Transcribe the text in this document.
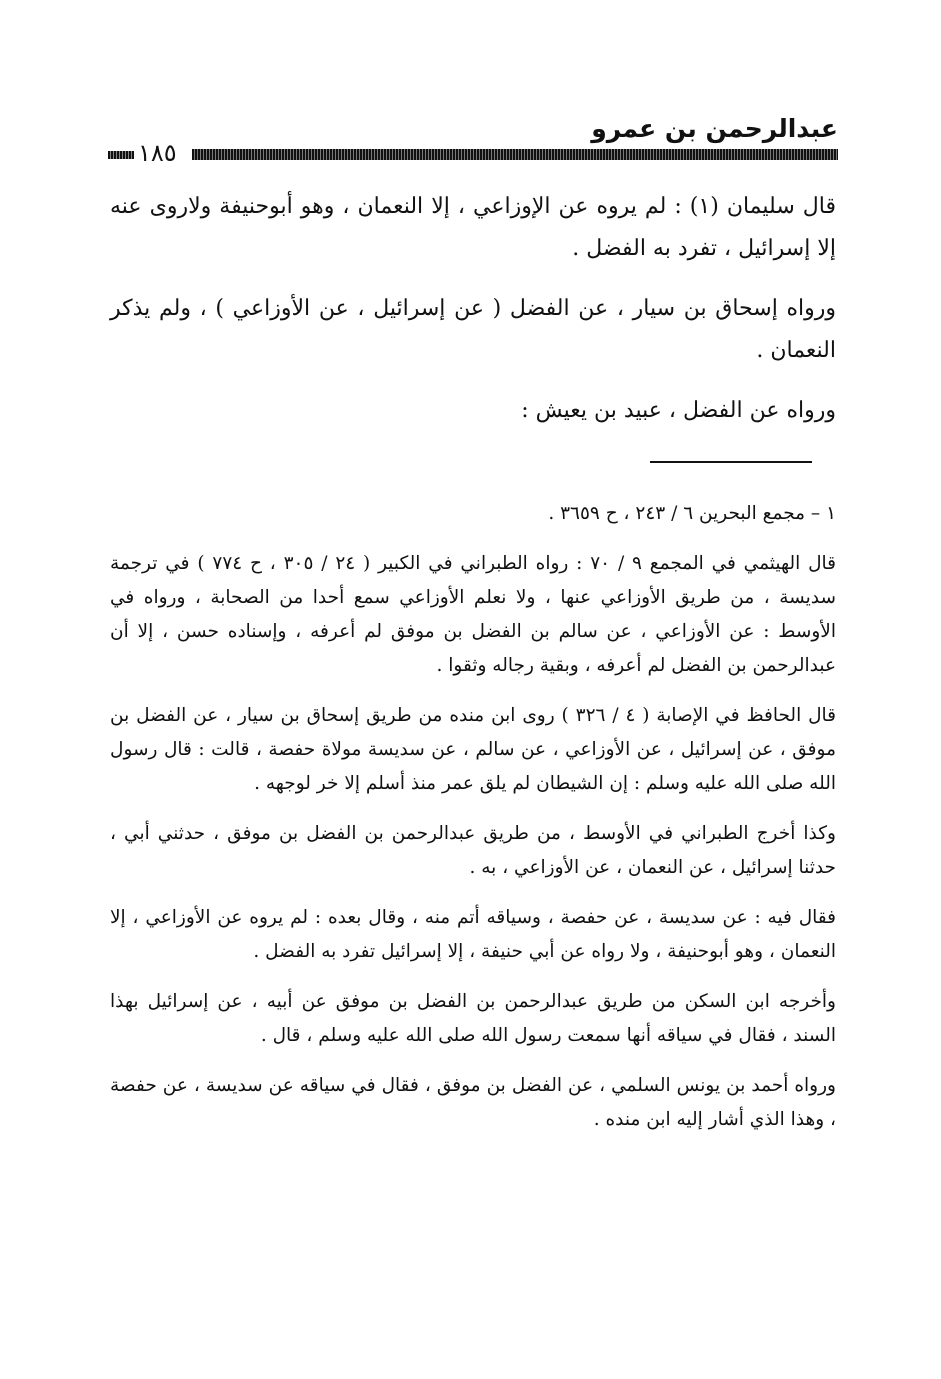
عبدالرحمن بن عمرو
١٨٥

قال سليمان (١) : لم يروه عن الإوزاعي ، إلا النعمان ، وهو أبوحنيفة ولاروى عنه إلا إسرائيل ، تفرد به الفضل .

ورواه إسحاق بن سيار ، عن الفضل ( عن إسرائيل ، عن الأوزاعي ) ، ولم يذكر النعمان .

ورواه عن الفضل ، عبيد بن يعيش :

١ – مجمع البحرين ٦ / ٢٤٣ ، ح ٣٦٥٩ .

قال الهيثمي في المجمع ٩ / ٧٠ : رواه الطبراني في الكبير ( ٢٤ / ٣٠٥ ، ح ٧٧٤ ) في ترجمة سديسة ، من طريق الأوزاعي عنها ، ولا نعلم الأوزاعي سمع أحدا من الصحابة ، ورواه في الأوسط : عن الأوزاعي ، عن سالم بن الفضل بن موفق لم أعرفه ، وإسناده حسن ، إلا أن عبدالرحمن بن الفضل لم أعرفه ، وبقية رجاله وثقوا .

قال الحافظ في الإصابة ( ٤ / ٣٢٦ ) روى ابن منده من طريق إسحاق بن سيار ، عن الفضل بن موفق ، عن إسرائيل ، عن الأوزاعي ، عن سالم ، عن سديسة مولاة حفصة ، قالت : قال رسول الله صلى الله عليه وسلم : إن الشيطان لم يلق عمر منذ أسلم إلا خر لوجهه .

وكذا أخرج الطبراني في الأوسط ، من طريق عبدالرحمن بن الفضل بن موفق ، حدثني أبي ، حدثنا إسرائيل ، عن النعمان ، عن الأوزاعي ، به .

فقال فيه : عن سديسة ، عن حفصة ، وسياقه أتم منه ، وقال بعده : لم يروه عن الأوزاعي ، إلا النعمان ، وهو أبوحنيفة ، ولا رواه عن أبي حنيفة ، إلا إسرائيل تفرد به الفضل .

وأخرجه ابن السكن من طريق عبدالرحمن بن الفضل بن موفق عن أبيه ، عن إسرائيل بهذا السند ، فقال في سياقه أنها سمعت رسول الله صلى الله عليه وسلم ، قال .

ورواه أحمد بن يونس السلمي ، عن الفضل بن موفق ، فقال في سياقه عن سديسة ، عن حفصة ، وهذا الذي أشار إليه ابن منده .
